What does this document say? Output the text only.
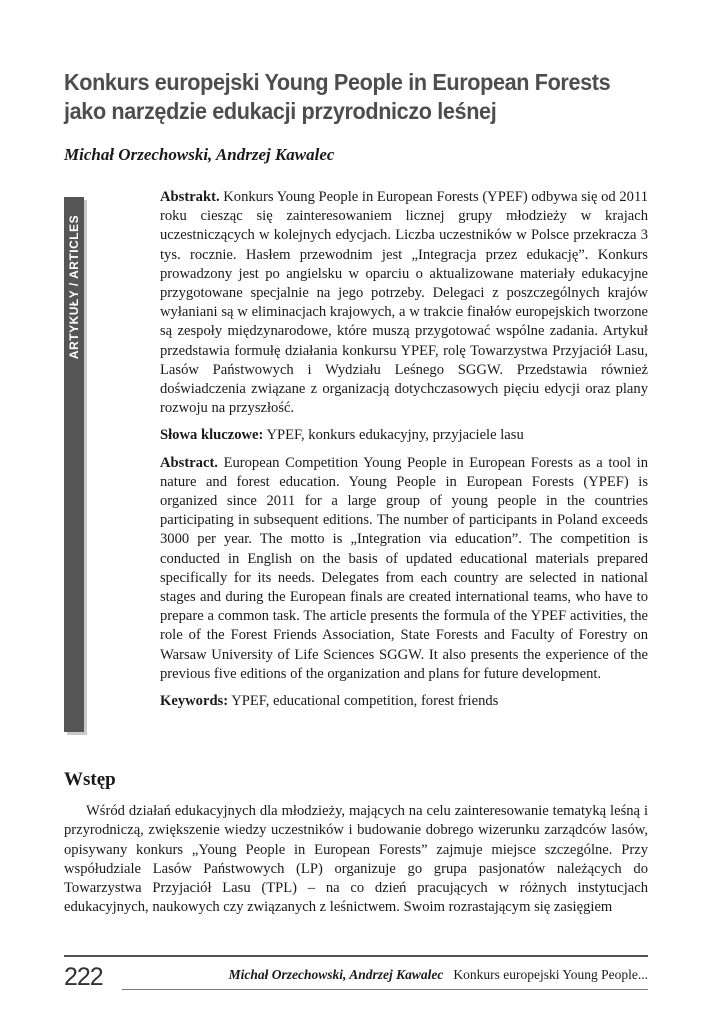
Konkurs europejski Young People in European Forests jako narzędzie edukacji przyrodniczo leśnej

Michał Orzechowski, Andrzej Kawalec

ARTYKUŁY / ARTICLES

Abstrakt. Konkurs Young People in European Forests (YPEF) odbywa się od 2011 roku ciesząc się zainteresowaniem licznej grupy młodzieży w krajach uczestniczących w kolejnych edycjach. Liczba uczestników w Polsce przekracza 3 tys. rocznie. Hasłem przewodnim jest „Integracja przez edukację”. Konkurs prowadzony jest po angielsku w oparciu o aktualizowane materiały edukacyjne przygotowane specjalnie na jego potrzeby. Delegaci z poszczególnych krajów wyłaniani są w eliminacjach krajowych, a w trakcie finałów europejskich tworzone są zespoły międzynarodowe, które muszą przygotować wspólne zadania. Artykuł przedstawia formułę działania konkursu YPEF, rolę Towarzystwa Przyjaciół Lasu, Lasów Państwowych i Wydziału Leśnego SGGW. Przedstawia również doświadczenia związane z organizacją dotychczasowych pięciu edycji oraz plany rozwoju na przyszłość.

Słowa kluczowe: YPEF, konkurs edukacyjny, przyjaciele lasu

Abstract. European Competition Young People in European Forests as a tool in nature and forest education. Young People in European Forests (YPEF) is organized since 2011 for a large group of young people in the countries participating in subsequent editions. The number of participants in Poland exceeds 3000 per year. The motto is „Integration via education”. The competition is conducted in English on the basis of updated educational materials prepared specifically for its needs. Delegates from each country are selected in national stages and during the European finals are created international teams, who have to prepare a common task. The article presents the formula of the YPEF activities, the role of the Forest Friends Association, State Forests and Faculty of Forestry on Warsaw University of Life Sciences SGGW. It also presents the experience of the previous five editions of the organization and plans for future development.

Keywords: YPEF, educational competition, forest friends

Wstęp

Wśród działań edukacyjnych dla młodzieży, mających na celu zainteresowanie tematyką leśną i przyrodniczą, zwiększenie wiedzy uczestników i budowanie dobrego wizerunku zarządców lasów, opisywany konkurs „Young People in European Forests” zajmuje miejsce szczególne. Przy współudziale Lasów Państwowych (LP) organizuje go grupa pasjonatów należących do Towarzystwa Przyjaciół Lasu (TPL) – na co dzień pracujących w różnych instytucjach edukacyjnych, naukowych czy związanych z leśnictwem. Swoim rozrastającym się zasięgiem

222	Michał Orzechowski, Andrzej Kawalec Konkurs europejski Young People...
